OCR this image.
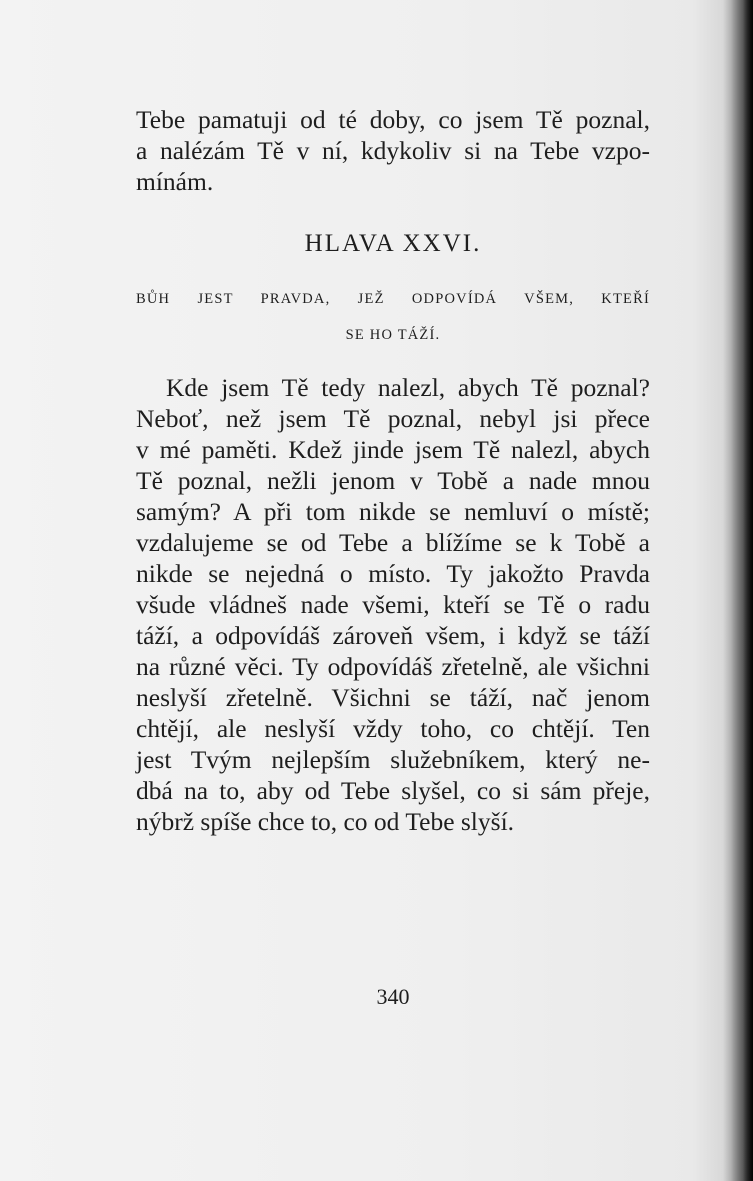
Tebe pamatuji od té doby, co jsem Tě poznal,
a nalézám Tě v ní, kdykoliv si na Tebe vzpo-
mínám.
HLAVA XXVI.
BŮH JEST PRAVDA, JEŽ ODPOVÍDÁ VŠEM, KTEŘÍ
SE HO TÁŽÍ.
Kde jsem Tě tedy nalezl, abych Tě poznal?
Neboť, než jsem Tě poznal, nebyl jsi přece
v mé paměti. Kdež jinde jsem Tě nalezl, abych
Tě poznal, nežli jenom v Tobě a nade mnou
samým? A při tom nikde se nemluví o místě;
vzdalujeme se od Tebe a blížíme se k Tobě a
nikde se nejedná o místo. Ty jakožto Pravda
všude vládneš nade všemi, kteří se Tě o radu
táží, a odpovídáš zároveň všem, i když se táží
na různé věci. Ty odpovídáš zřetelně, ale všichni
neslyší zřetelně. Všichni se táží, nač jenom
chtějí, ale neslyší vždy toho, co chtějí. Ten
jest Tvým nejlepším služebníkem, který ne-
dbá na to, aby od Tebe slyšel, co si sám přeje,
nýbrž spíše chce to, co od Tebe slyší.
340
